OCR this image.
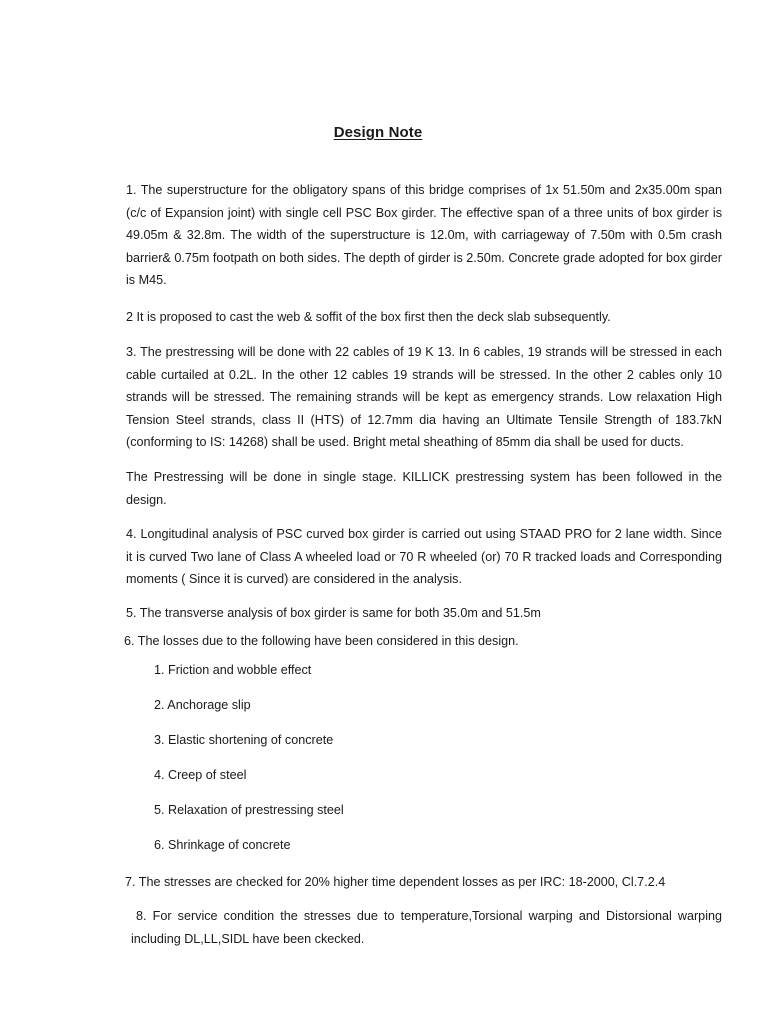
Design Note

1. The superstructure for the obligatory spans of this bridge comprises of 1x 51.50m and 2x35.00m span (c/c of Expansion joint) with single cell PSC Box girder. The effective span of a three units of box girder is 49.05m & 32.8m. The width of the superstructure is 12.0m, with carriageway of 7.50m with 0.5m crash barrier& 0.75m footpath on both sides. The depth of girder is 2.50m. Concrete grade adopted for box girder is M45.

2 It is proposed to cast the web & soffit of the box first then the deck slab subsequently.

3. The prestressing will be done with 22 cables of 19 K 13. In 6 cables, 19 strands will be stressed in each cable curtailed at 0.2L. In the other 12 cables 19 strands will be stressed. In the other 2 cables only 10 strands will be stressed. The remaining strands will be kept as emergency strands. Low relaxation High Tension Steel strands, class II (HTS) of 12.7mm dia having an Ultimate Tensile Strength of 183.7kN (conforming to IS: 14268) shall be used. Bright metal sheathing of 85mm dia shall be used for ducts.

The Prestressing will be done in single stage. KILLICK prestressing system has been followed in the design.

4. Longitudinal analysis of PSC curved box girder is carried out using STAAD PRO for 2 lane width. Since it is curved Two lane of Class A wheeled load or 70 R wheeled (or) 70 R tracked loads and Corresponding moments ( Since it is curved) are considered in the analysis.

5. The transverse analysis of box girder is same for both 35.0m and 51.5m

6. The losses due to the following have been considered in this design.

1. Friction and wobble effect

2. Anchorage slip

3. Elastic shortening of concrete

4. Creep of steel

5. Relaxation of prestressing steel

6. Shrinkage of concrete

7. The stresses are checked for 20% higher time dependent losses as per IRC: 18-2000, Cl.7.2.4

8. For service condition the stresses due to temperature,Torsional warping and Distorsional warping including DL,LL,SIDL have been ckecked.
